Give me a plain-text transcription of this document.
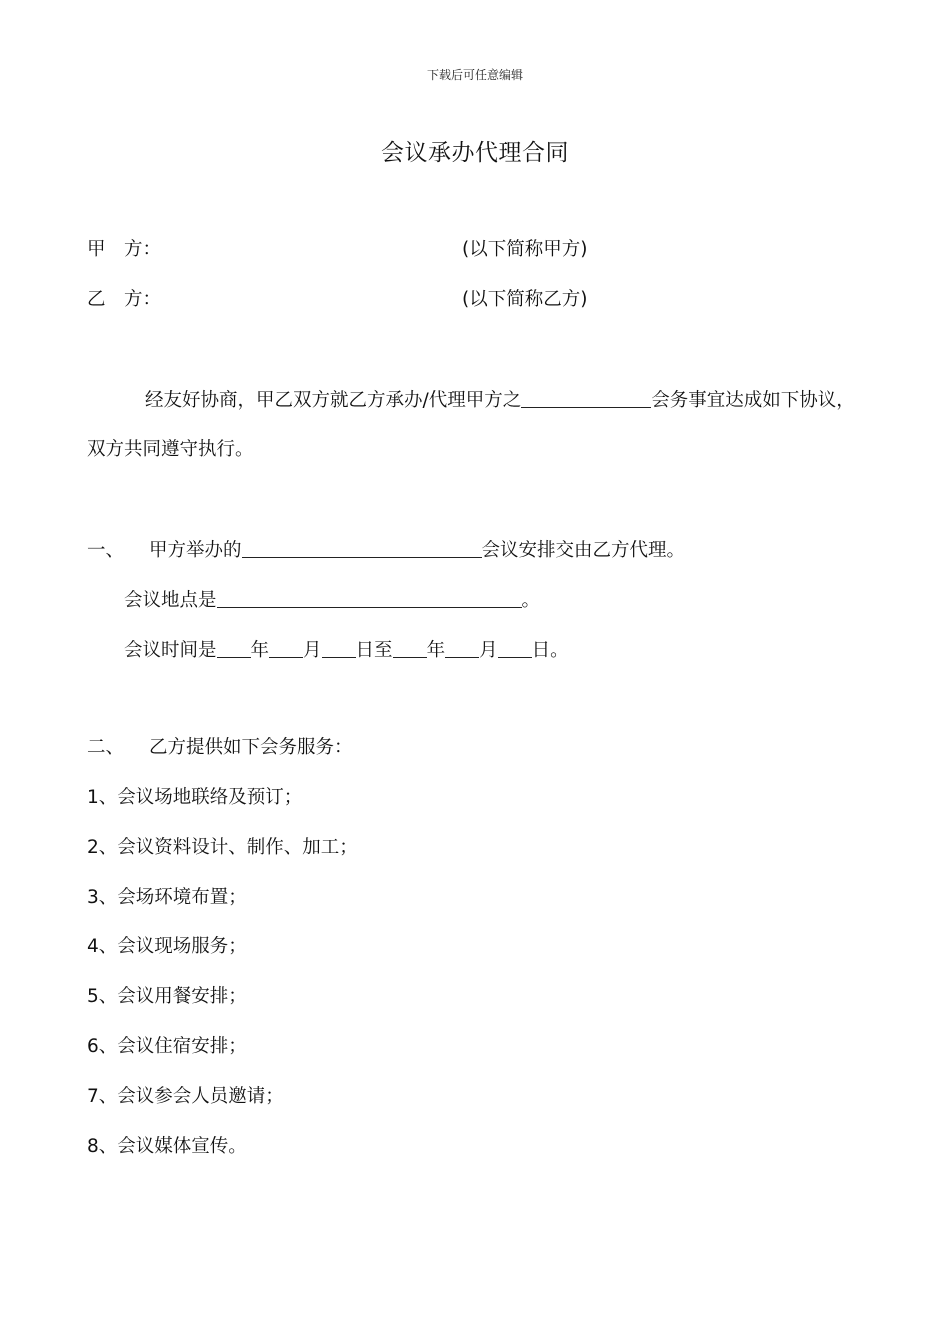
下载后可任意编辑
会议承办代理合同
甲　方：	(以下简称甲方)
乙　方：	(以下简称乙方)
经友好协商，甲乙双方就乙方承办/代理甲方之	会务事宜达成如下协议，
双方共同遵守执行。
一、 甲方举办的	会议安排交由乙方代理。
会议地点是	。
会议时间是 年 月 日至 年 月 日。
二、 乙方提供如下会务服务：
1、会议场地联络及预订；
2、会议资料设计、制作、加工；
3、会场环境布置；
4、会议现场服务；
5、会议用餐安排；
6、会议住宿安排；
7、会议参会人员邀请；
8、会议媒体宣传。
